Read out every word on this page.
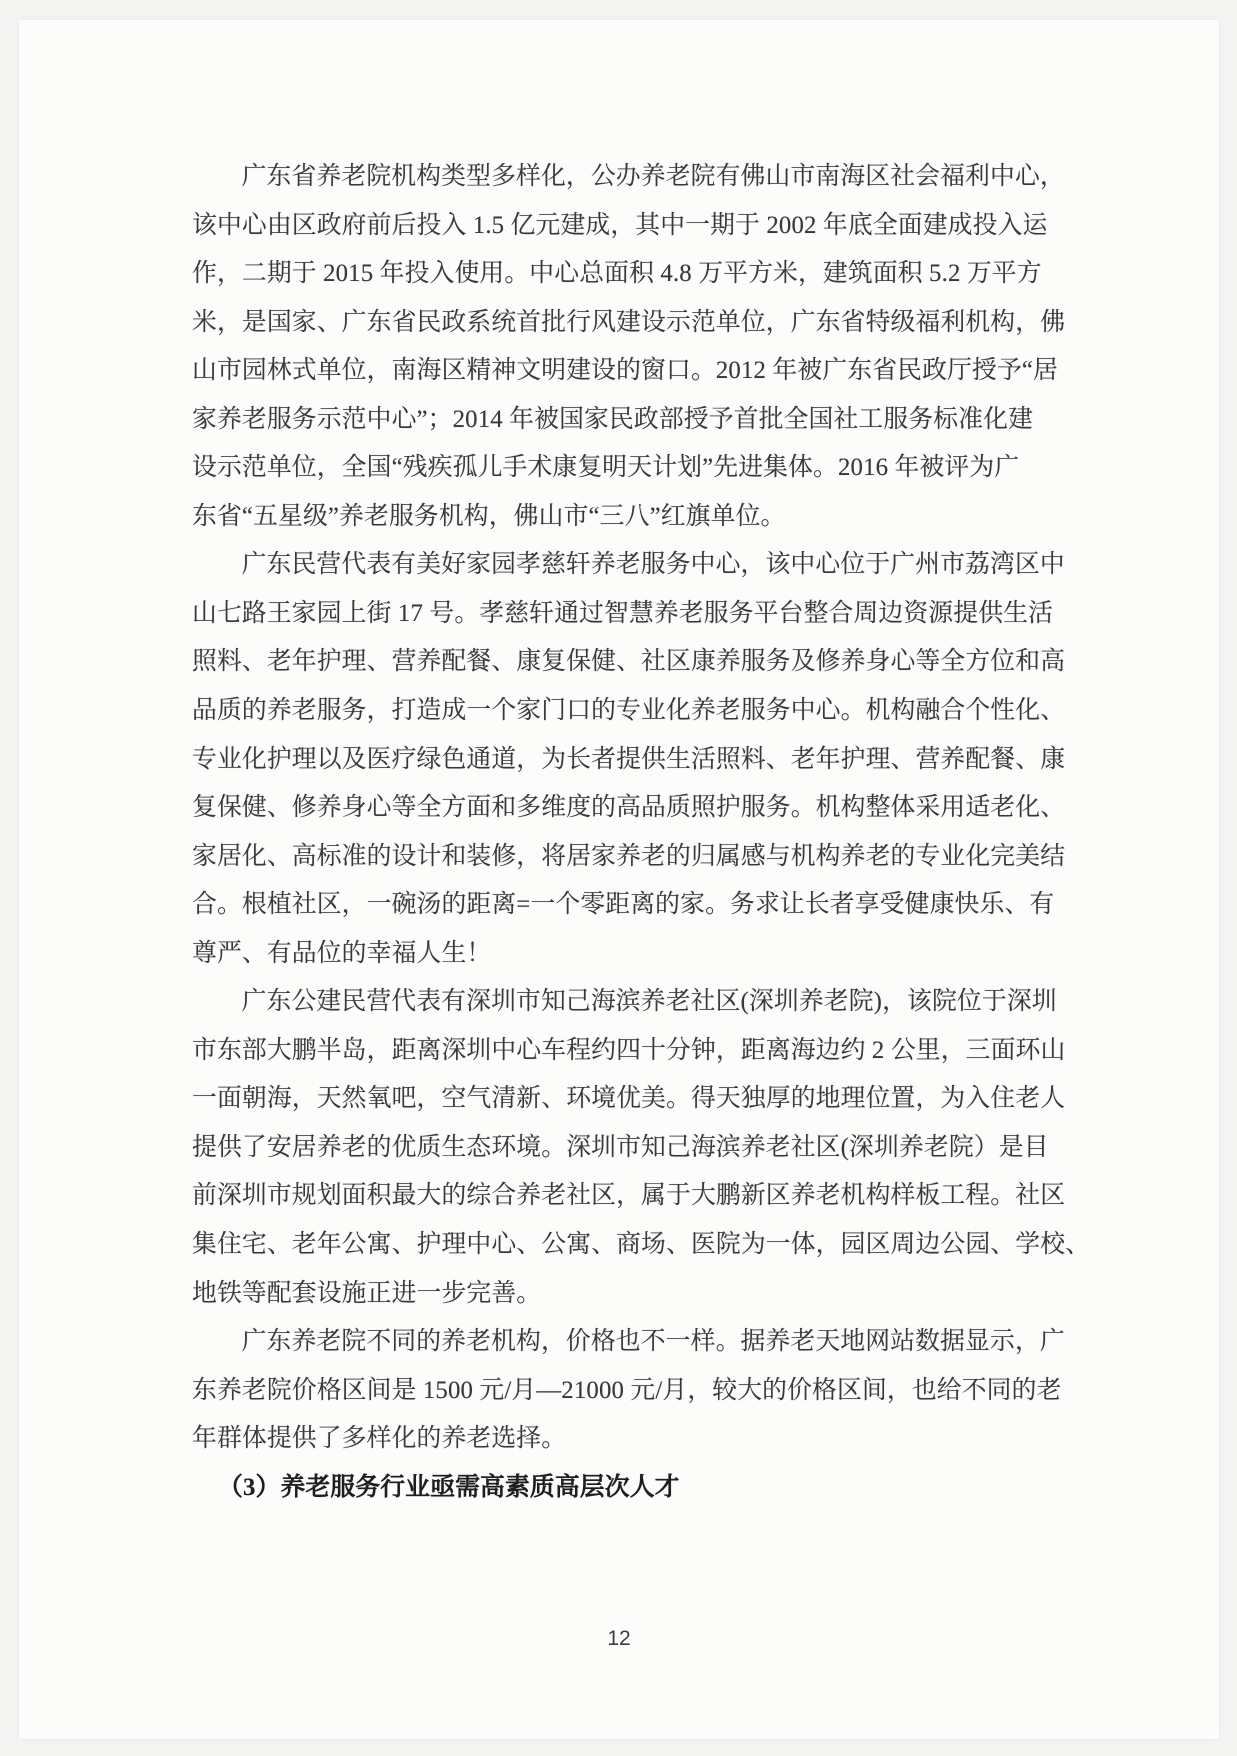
广东省养老院机构类型多样化，公办养老院有佛山市南海区社会福利中心，
该中心由区政府前后投入 1.5 亿元建成，其中一期于 2002 年底全面建成投入运
作，二期于 2015 年投入使用。中心总面积 4.8 万平方米，建筑面积 5.2 万平方
米，是国家、广东省民政系统首批行风建设示范单位，广东省特级福利机构，佛
山市园林式单位，南海区精神文明建设的窗口。2012 年被广东省民政厅授予“居
家养老服务示范中心”；2014 年被国家民政部授予首批全国社工服务标准化建
设示范单位，全国“残疾孤儿手术康复明天计划”先进集体。2016 年被评为广
东省“五星级”养老服务机构，佛山市“三八”红旗单位。
广东民营代表有美好家园孝慈轩养老服务中心，该中心位于广州市荔湾区中
山七路王家园上街 17 号。孝慈轩通过智慧养老服务平台整合周边资源提供生活
照料、老年护理、营养配餐、康复保健、社区康养服务及修养身心等全方位和高
品质的养老服务，打造成一个家门口的专业化养老服务中心。机构融合个性化、
专业化护理以及医疗绿色通道，为长者提供生活照料、老年护理、营养配餐、康
复保健、修养身心等全方面和多维度的高品质照护服务。机构整体采用适老化、
家居化、高标准的设计和装修，将居家养老的归属感与机构养老的专业化完美结
合。根植社区，一碗汤的距离=一个零距离的家。务求让长者享受健康快乐、有
尊严、有品位的幸福人生！
广东公建民营代表有深圳市知己海滨养老社区(深圳养老院)，该院位于深圳
市东部大鹏半岛，距离深圳中心车程约四十分钟，距离海边约 2 公里，三面环山
一面朝海，天然氧吧，空气清新、环境优美。得天独厚的地理位置，为入住老人
提供了安居养老的优质生态环境。深圳市知己海滨养老社区(深圳养老院）是目
前深圳市规划面积最大的综合养老社区，属于大鹏新区养老机构样板工程。社区
集住宅、老年公寓、护理中心、公寓、商场、医院为一体，园区周边公园、学校、
地铁等配套设施正进一步完善。
广东养老院不同的养老机构，价格也不一样。据养老天地网站数据显示，广
东养老院价格区间是 1500 元/月—21000 元/月，较大的价格区间，也给不同的老
年群体提供了多样化的养老选择。
（3）养老服务行业亟需高素质高层次人才
12
